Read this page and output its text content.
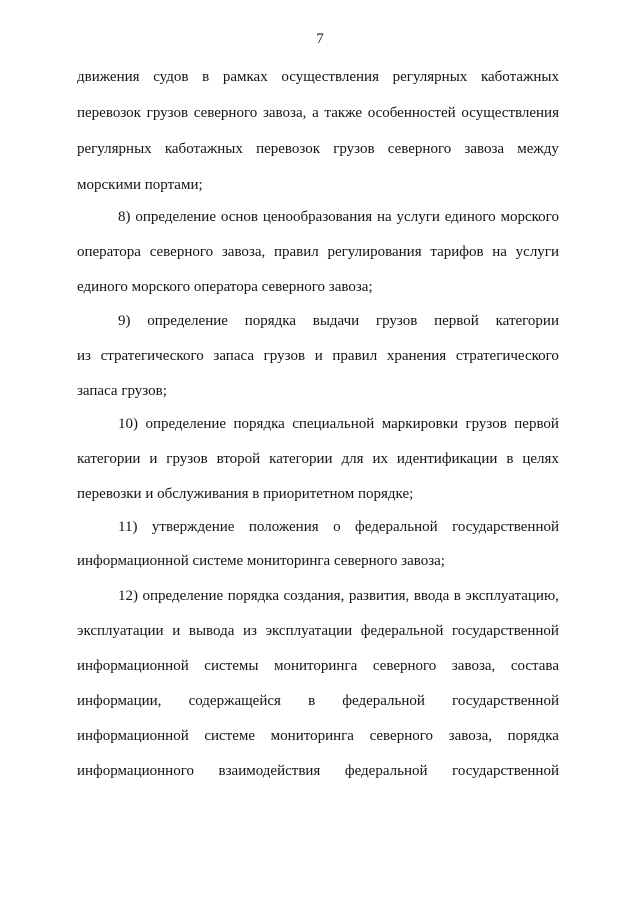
7
движения судов в рамках осуществления регулярных каботажных
перевозок грузов северного завоза, а также особенностей осуществления
регулярных каботажных перевозок грузов северного завоза между
морскими портами;
8) определение основ ценообразования на услуги единого морского
оператора северного завоза, правил регулирования тарифов на услуги
единого морского оператора северного завоза;
9) определение порядка выдачи грузов первой категории
из стратегического запаса грузов и правил хранения стратегического
запаса грузов;
10) определение порядка специальной маркировки грузов первой
категории и грузов второй категории для их идентификации в целях
перевозки и обслуживания в приоритетном порядке;
11) утверждение положения о федеральной государственной
информационной системе мониторинга северного завоза;
12) определение порядка создания, развития, ввода в эксплуатацию,
эксплуатации и вывода из эксплуатации федеральной государственной
информационной системы мониторинга северного завоза, состава
информации, содержащейся в федеральной государственной
информационной системе мониторинга северного завоза, порядка
информационного взаимодействия федеральной государственной
